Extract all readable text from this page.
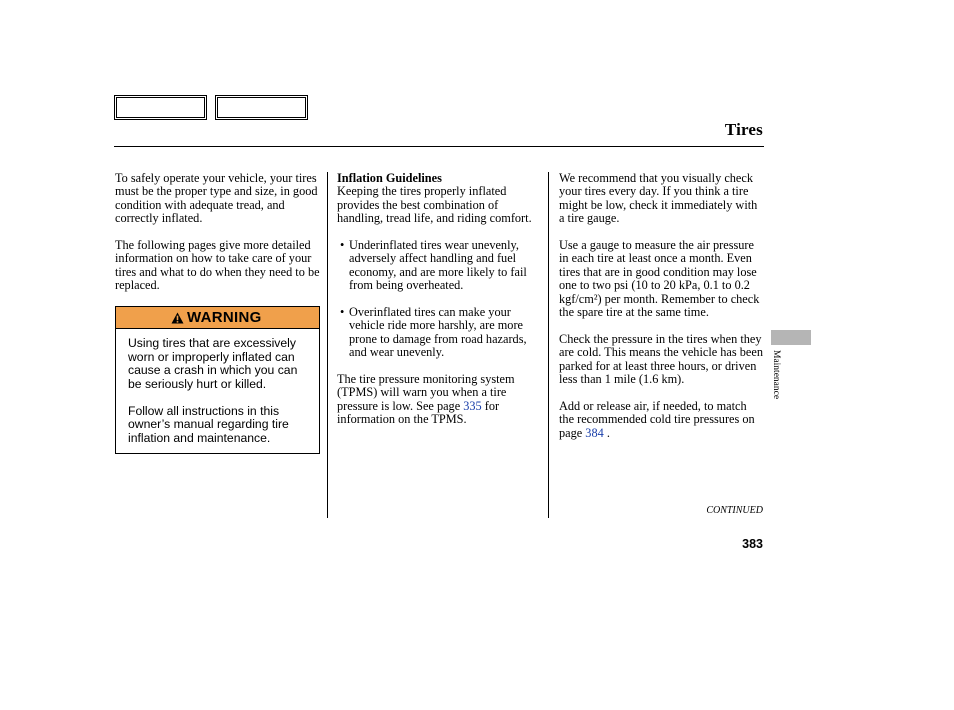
Tires

To safely operate your vehicle, your tires must be the proper type and size, in good condition with adequate tread, and correctly inflated.

The following pages give more detailed information on how to take care of your tires and what to do when they need to be replaced.

WARNING

Using tires that are excessively worn or improperly inflated can cause a crash in which you can be seriously hurt or killed.

Follow all instructions in this owner’s manual regarding tire inflation and maintenance.

Inflation Guidelines

Keeping the tires properly inflated provides the best combination of handling, tread life, and riding comfort.

• Underinflated tires wear unevenly, adversely affect handling and fuel economy, and are more likely to fail from being overheated.
• Overinflated tires can make your vehicle ride more harshly, are more prone to damage from road hazards, and wear unevenly.

The tire pressure monitoring system (TPMS) will warn you when a tire pressure is low. See page 335 for information on the TPMS.

We recommend that you visually check your tires every day. If you think a tire might be low, check it immediately with a tire gauge.

Use a gauge to measure the air pressure in each tire at least once a month. Even tires that are in good condition may lose one to two psi (10 to 20 kPa, 0.1 to 0.2 kgf/cm²) per month. Remember to check the spare tire at the same time.

Check the pressure in the tires when they are cold. This means the vehicle has been parked for at least three hours, or driven less than 1 mile (1.6 km).

Add or release air, if needed, to match the recommended cold tire pressures on page 384 .

Maintenance
CONTINUED
383
